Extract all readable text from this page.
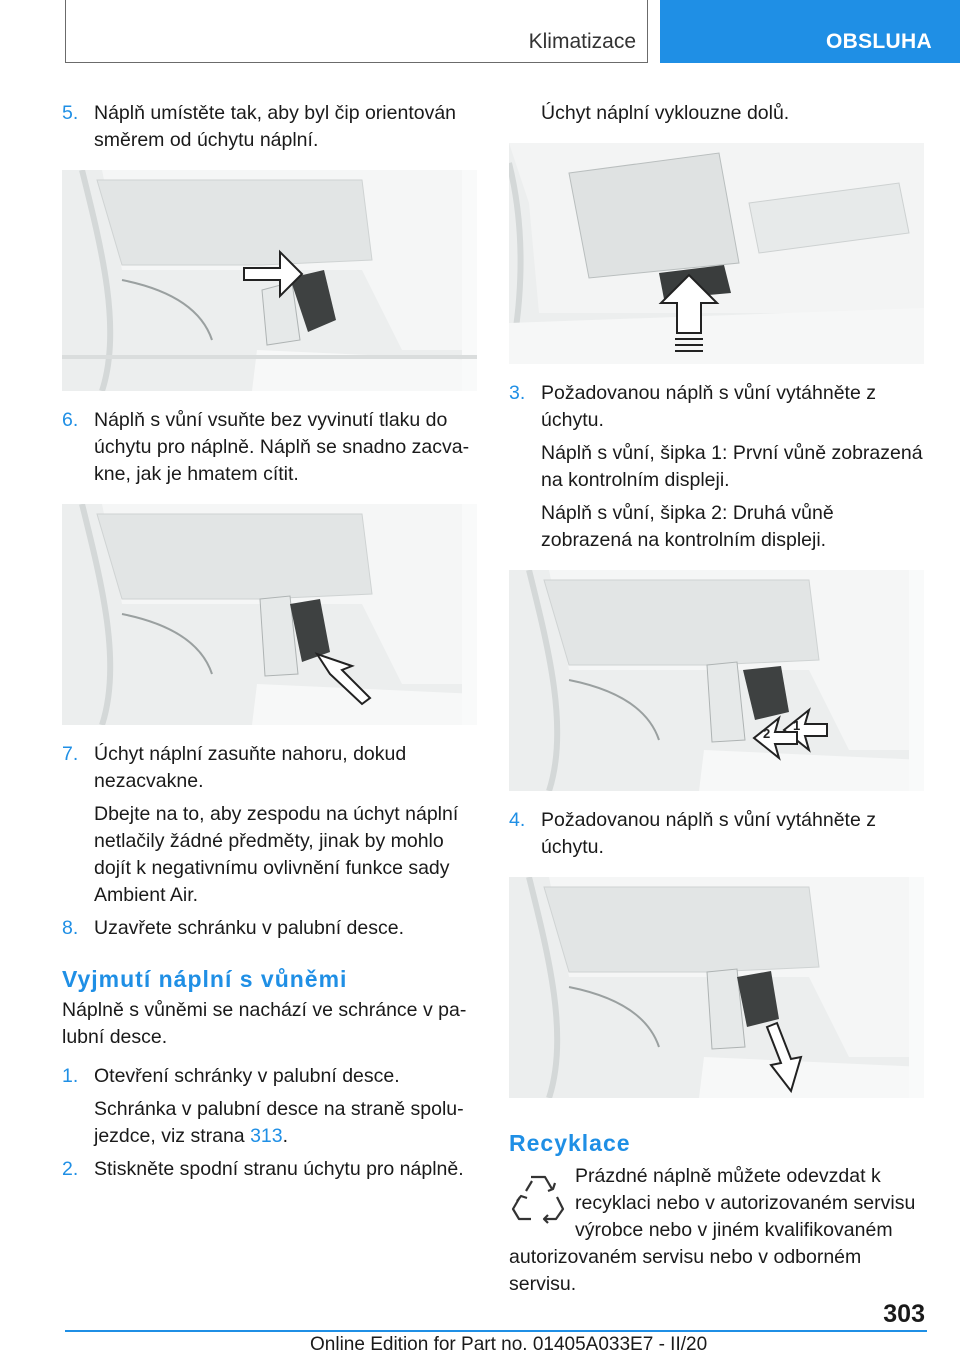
Klimatizace	OBSLUHA
5. Náplň umístěte tak, aby byl čip orientován směrem od úchytu náplní.
6. Náplň s vůní vsuňte bez vyvinutí tlaku do úchytu pro náplně. Náplň se snadno zacvakne, jak je hmatem cítit.
7. Úchyt náplní zasuňte nahoru, dokud nezacvakne.

Dbejte na to, aby zespodu na úchyt náplní netlačily žádné předměty, jinak by mohlo dojít k negativnímu ovlivnění funkce sady Ambient Air.

8. Uzavřete schránku v palubní desce.
Vyjmutí náplní s vůněmi

Náplně s vůněmi se nachází ve schránce v palubní desce.

1. Otevření schránky v palubní desce.

Schránka v palubní desce na straně spolujezdce, viz strana 313.

2. Stiskněte spodní stranu úchytu pro náplně.

Úchyt náplní vyklouzne dolů.

3. Požadovanou náplň s vůní vytáhněte z úchytu.

Náplň s vůní, šipka 1: První vůně zobrazená na kontrolním displeji.

Náplň s vůní, šipka 2: Druhá vůně zobrazená na kontrolním displeji.

1
2
4. Požadovanou náplň s vůní vytáhněte z úchytu.
Recyklace

Prázdné náplně můžete odevzdat k recyklaci nebo v autorizovaném servisu výrobce nebo v jiném kvalifikovaném autorizovaném servisu nebo v odborném servisu.

303
Online Edition for Part no. 01405A033E7 - II/20
